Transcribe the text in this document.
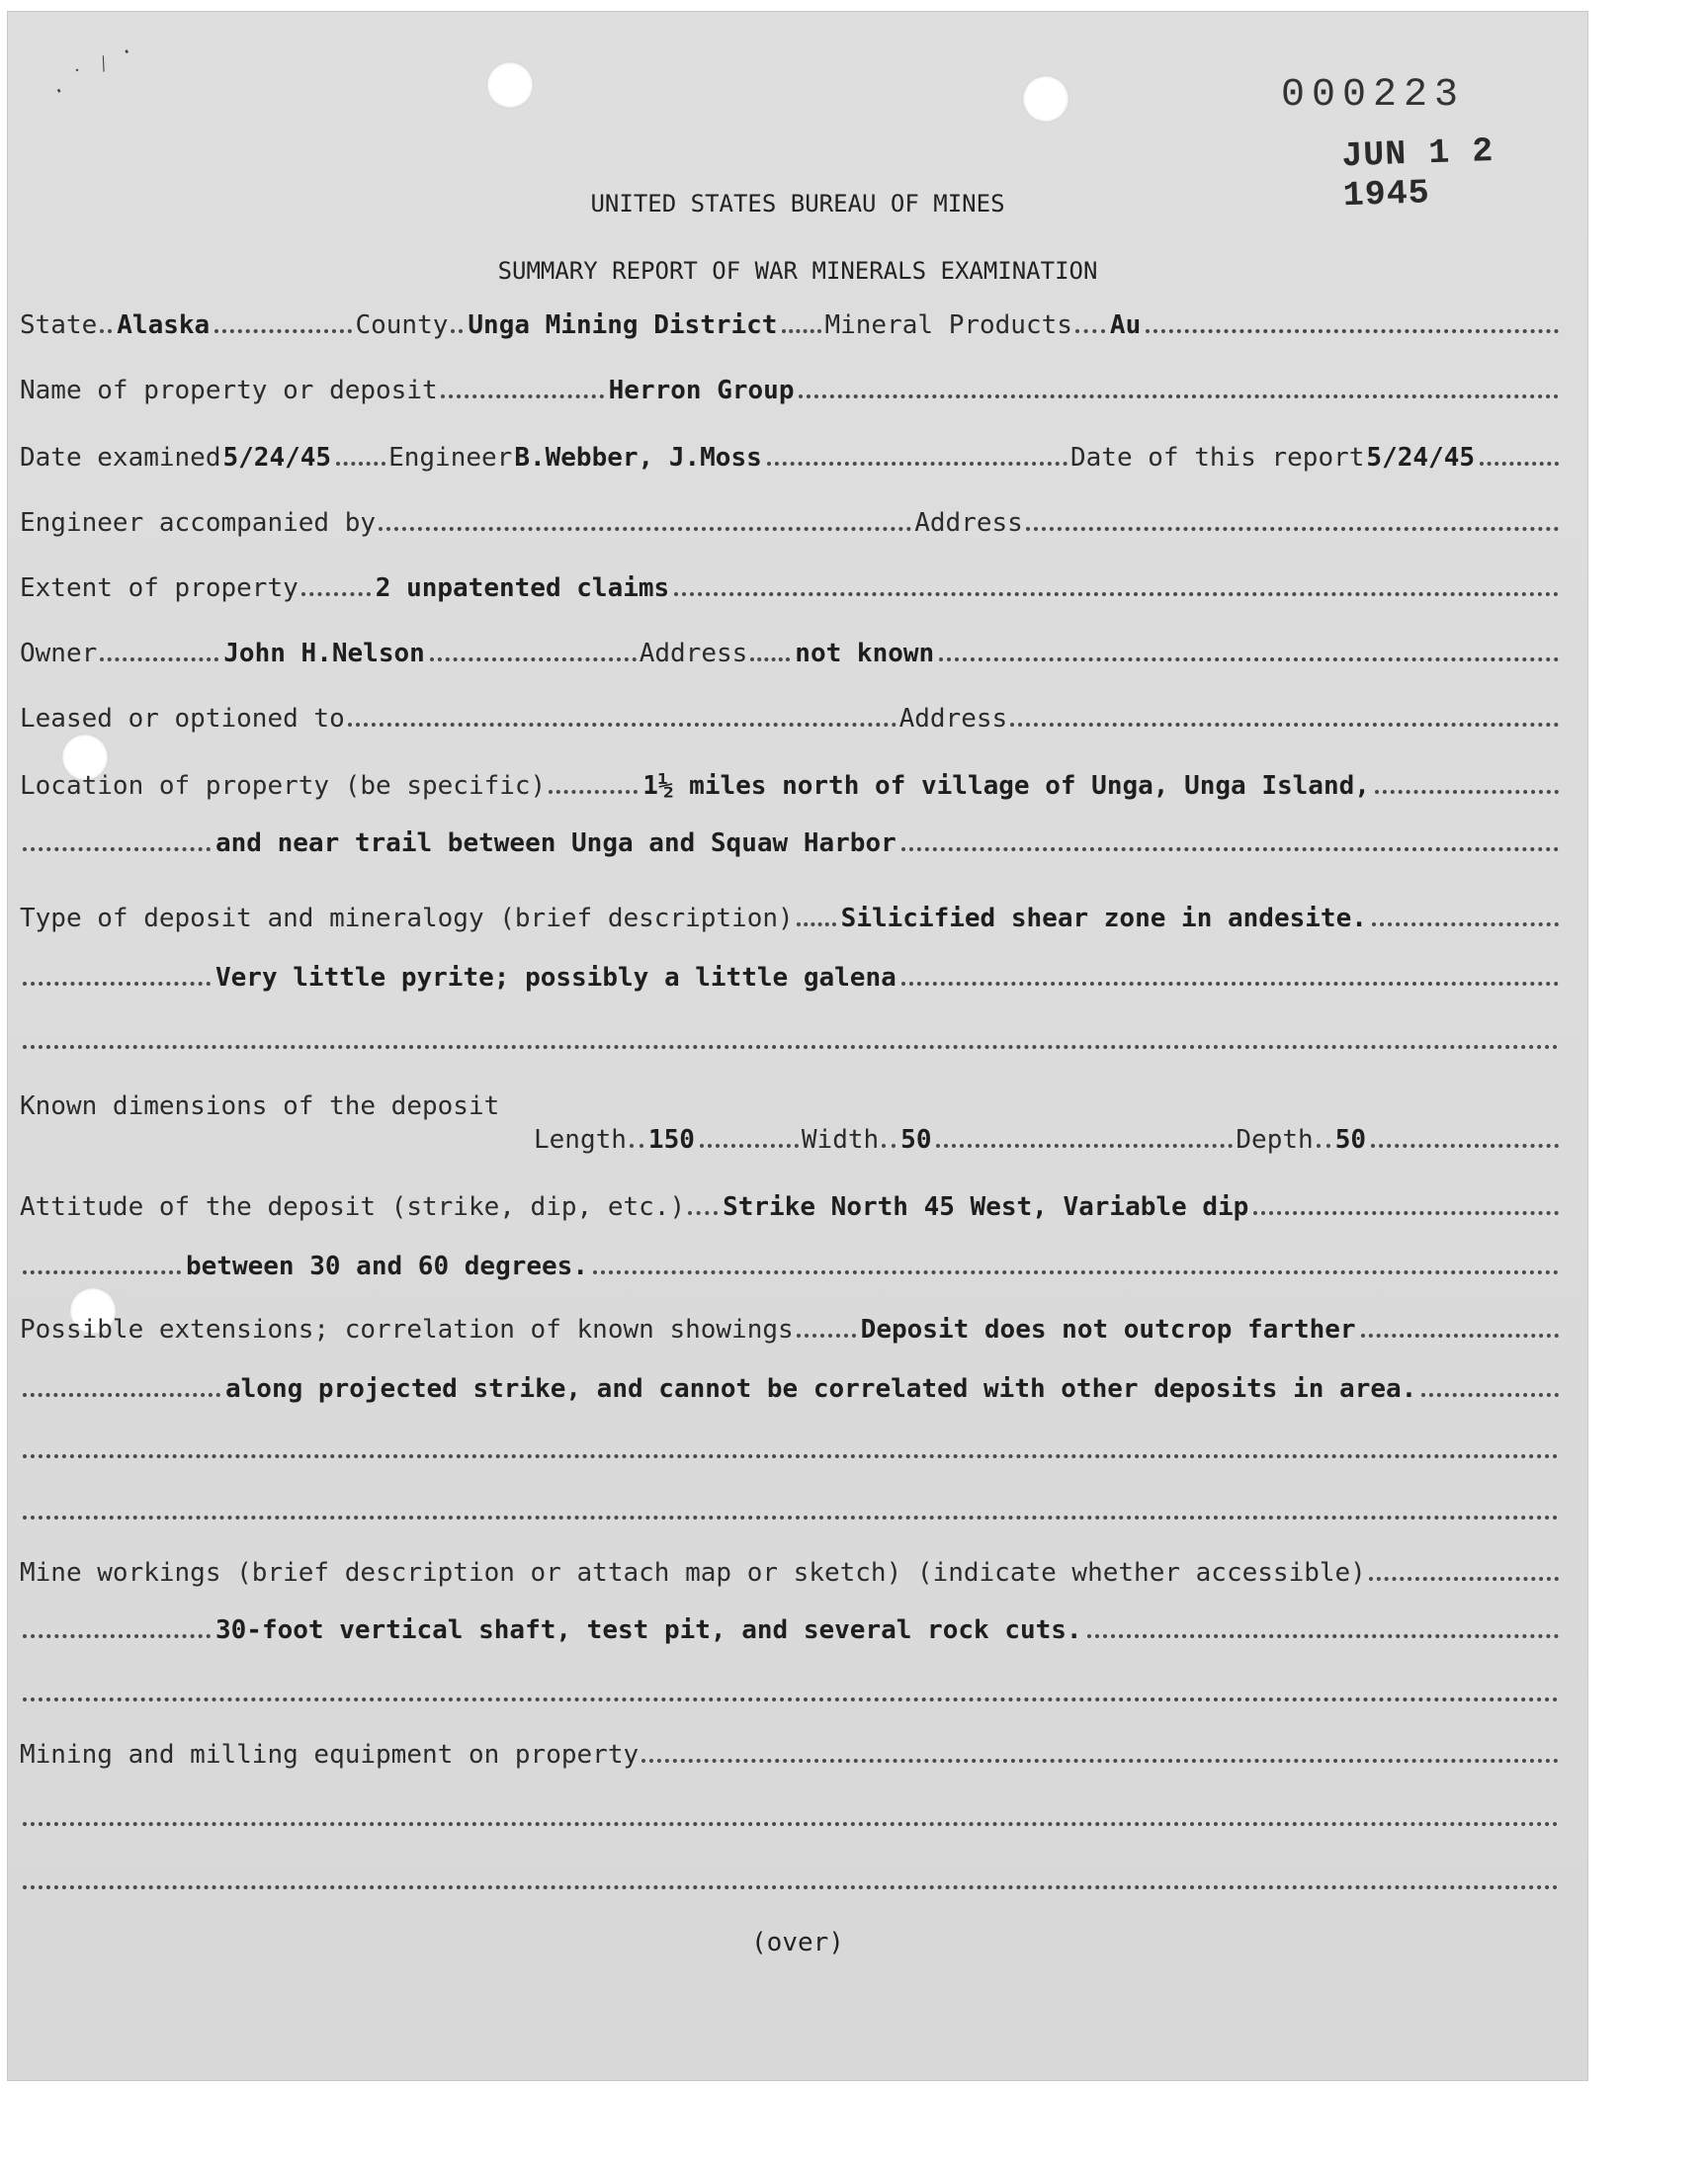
· ˙ ⁄ ·	000223
JUN 1 2 1945
UNITED STATES BUREAU OF MINES
SUMMARY REPORT OF WAR MINERALS EXAMINATION
State Alaska	County Unga Mining District Mineral Products Au
Name of property or deposit	Herron Group
Date examined 5/24/45 Engineer B.Webber, J.Moss	Date of this report 5/24/45
Engineer accompanied by	Address
Extent of property	2 unpatented claims
Owner	John H.Nelson	Address not known
Leased or optioned to	Address
Location of property (be specific)	1½ miles north of village of Unga, Unga Island,
and near trail between Unga and Squaw Harbor
Type of deposit and mineralogy (brief description) Silicified shear zone in andesite.
Very little pyrite; possibly a little galena
Known dimensions of the deposit
Length 150	Width 50	Depth 50
Attitude of the deposit (strike, dip, etc.) Strike North 45 West, Variable dip
between 30 and 60 degrees.
Possible extensions; correlation of known showings	Deposit does not outcrop farther
along projected strike, and cannot be correlated with other deposits in area.
Mine workings (brief description or attach map or sketch) (indicate whether accessible)
30-foot vertical shaft, test pit, and several rock cuts.
Mining and milling equipment on property
(over)
